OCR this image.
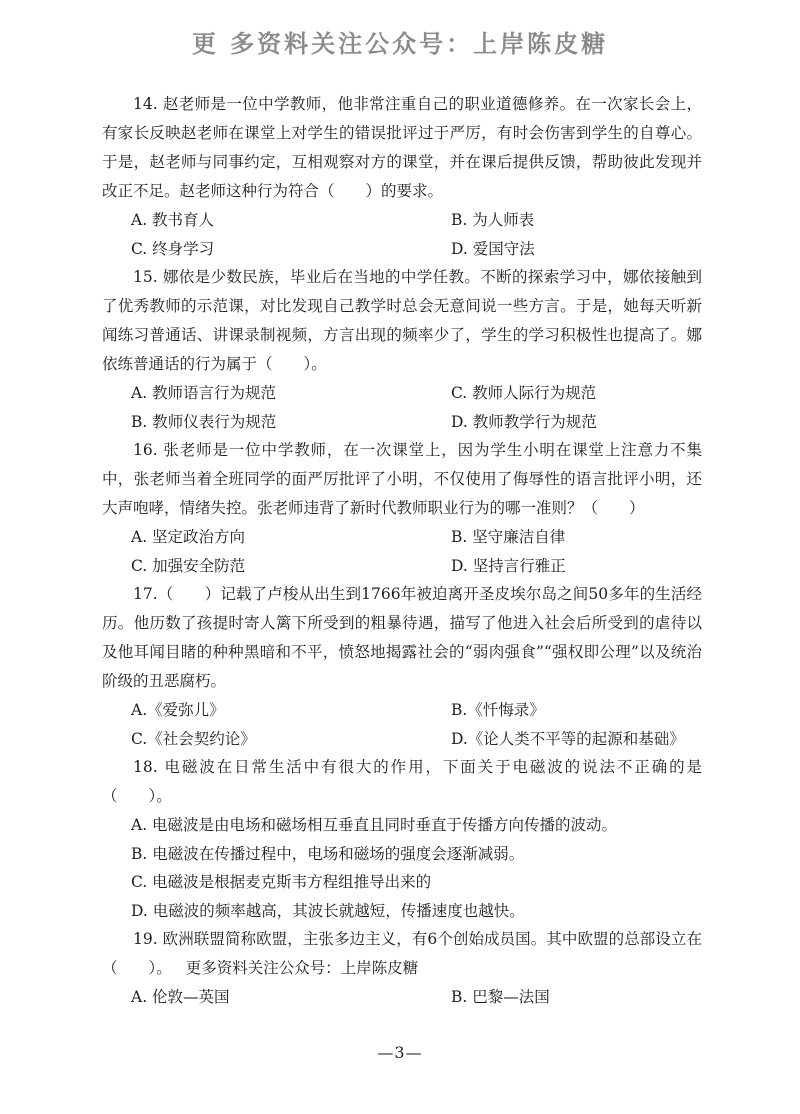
更 多资料关注公众号：上岸陈皮糖

14. 赵老师是一位中学教师，他非常注重自己的职业道德修养。在一次家长会上，有家长反映赵老师在课堂上对学生的错误批评过于严厉，有时会伤害到学生的自尊心。于是，赵老师与同事约定，互相观察对方的课堂，并在课后提供反馈，帮助彼此发现并改正不足。赵老师这种行为符合（　　）的要求。

A. 教书育人	B. 为人师表
C. 终身学习	D. 爱国守法

15. 娜依是少数民族，毕业后在当地的中学任教。不断的探索学习中，娜依接触到了优秀教师的示范课，对比发现自己教学时总会无意间说一些方言。于是，她每天听新闻练习普通话、讲课录制视频，方言出现的频率少了，学生的学习积极性也提高了。娜依练普通话的行为属于（　　）。

A. 教师语言行为规范	C. 教师人际行为规范
B. 教师仪表行为规范	D. 教师教学行为规范

16. 张老师是一位中学教师，在一次课堂上，因为学生小明在课堂上注意力不集中，张老师当着全班同学的面严厉批评了小明，不仅使用了侮辱性的语言批评小明，还大声咆哮，情绪失控。张老师违背了新时代教师职业行为的哪一准则？（　　）

A. 坚定政治方向	B. 坚守廉洁自律
C. 加强安全防范	D. 坚持言行雅正

17.（　　）记载了卢梭从出生到1766年被迫离开圣皮埃尔岛之间50多年的生活经历。他历数了孩提时寄人篱下所受到的粗暴待遇，描写了他进入社会后所受到的虐待以及他耳闻目睹的种种黑暗和不平，愤怒地揭露社会的“弱肉强食”“强权即公理”以及统治阶级的丑恶腐朽。

A.《爱弥儿》	B.《忏悔录》
C.《社会契约论》	D.《论人类不平等的起源和基础》

18. 电磁波在日常生活中有很大的作用，下面关于电磁波的说法不正确的是（　　）。

A. 电磁波是由电场和磁场相互垂直且同时垂直于传播方向传播的波动。
B. 电磁波在传播过程中，电场和磁场的强度会逐渐减弱。
C. 电磁波是根据麦克斯韦方程组推导出来的
D. 电磁波的频率越高，其波长就越短，传播速度也越快。

19. 欧洲联盟简称欧盟，主张多边主义，有6个创始成员国。其中欧盟的总部设立在（　　）。 更多资料关注公众号：上岸陈皮糖

A. 伦敦—英国	B. 巴黎—法国
—3—
